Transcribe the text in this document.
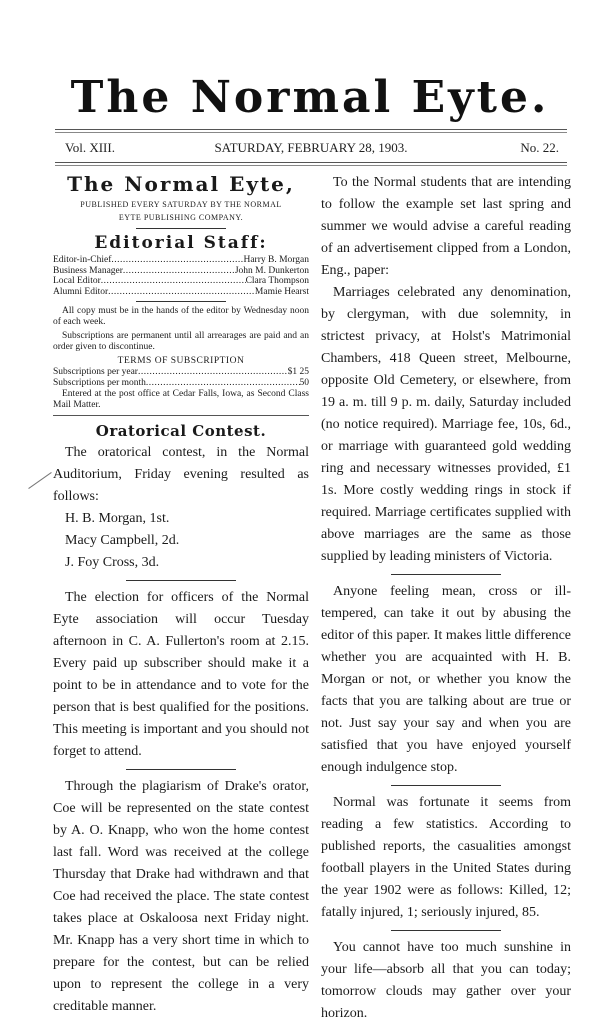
The Normal Eyte.
Vol. XIII.	SATURDAY, FEBRUARY 28, 1903.	No. 22.
The Normal Eyte,
PUBLISHED EVERY SATURDAY BY THE NORMAL
EYTE PUBLISHING COMPANY.
Editorial Staff:
Editor-in-Chief .....	Harry B. Morgan
Business Manager .....	John M. Dunkerton
Local Editor .....	Clara Thompson
Alumni Editor .....	Mamie Hearst

All copy must be in the hands of the editor by Wednesday noon of each week.

Subscriptions are permanent until all arrearages are paid and an order given to discontinue.

TERMS OF SUBSCRIPTION
Subscriptions per year .....	$1 25
Subscriptions per month .....	50

Entered at the post office at Cedar Falls, Iowa, as Second Class Mail Matter.

Oratorical Contest.

The oratorical contest, in the Normal Auditorium, Friday evening resulted as follows:

H. B. Morgan, 1st.

Macy Campbell, 2d.

J. Foy Cross, 3d.

The election for officers of the Normal Eyte association will occur Tuesday afternoon in C. A. Fullerton's room at 2.15. Every paid up subscriber should make it a point to be in attendance and to vote for the person that is best qualified for the positions. This meeting is important and you should not forget to attend.

Through the plagiarism of Drake's orator, Coe will be represented on the state contest by A. O. Knapp, who won the home contest last fall. Word was received at the college Thursday that Drake had withdrawn and that Coe had received the place. The state contest takes place at Oskaloosa next Friday night. Mr. Knapp has a very short time in which to prepare for the contest, but can be relied upon to represent the college in a very creditable manner.

To the Normal students that are intending to follow the example set last spring and summer we would advise a careful reading of an advertisement clipped from a London, Eng., paper:

Marriages celebrated any denomination, by clergyman, with due solemnity, in strictest privacy, at Holst's Matrimonial Chambers, 418 Queen street, Melbourne, opposite Old Cemetery, or elsewhere, from 19 a. m. till 9 p. m. daily, Saturday included (no notice required). Marriage fee, 10s, 6d., or marriage with guaranteed gold wedding ring and necessary witnesses provided, £1 1s. More costly wedding rings in stock if required. Marriage certificates supplied with above marriages are the same as those supplied by leading ministers of Victoria.

Anyone feeling mean, cross or ill-tempered, can take it out by abusing the editor of this paper. It makes little difference whether you are acquainted with H. B. Morgan or not, or whether you know the facts that you are talking about are true or not. Just say your say and when you are satisfied that you have enjoyed yourself enough indulgence stop.

Normal was fortunate it seems from reading a few statistics. According to published reports, the casualities amongst football players in the United States during the year 1902 were as follows: Killed, 12; fatally injured, 1; seriously injured, 85.

You cannot have too much sunshine in your life—absorb all that you can today; tomorrow clouds may gather over your horizon.
